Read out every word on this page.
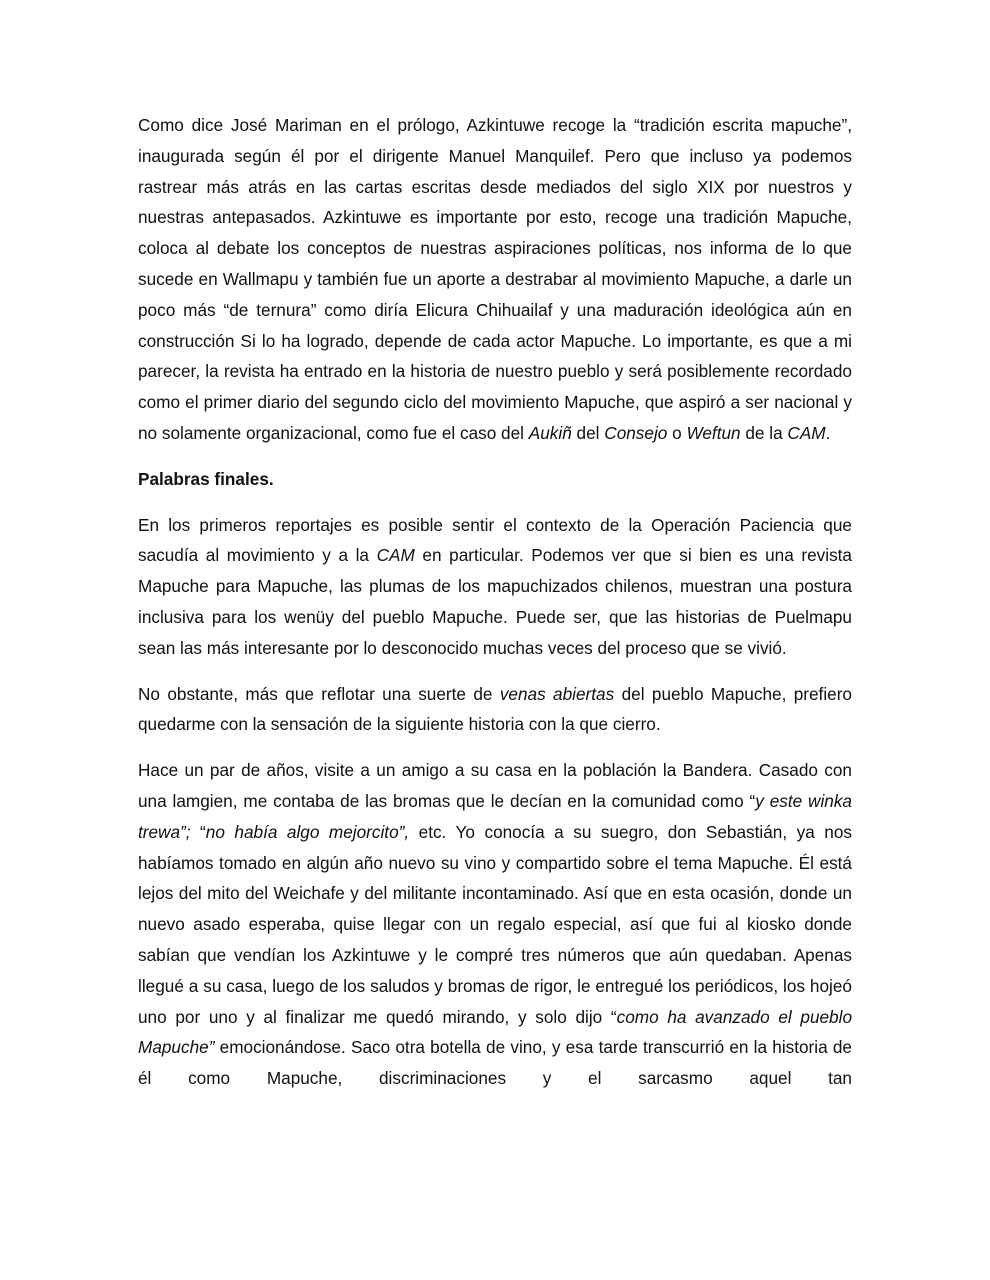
Como dice José Mariman en el prólogo, Azkintuwe recoge la “tradición escrita mapuche”, inaugurada según él por el dirigente Manuel Manquilef. Pero que incluso ya podemos rastrear más atrás en las cartas escritas desde mediados del siglo XIX por nuestros y nuestras antepasados. Azkintuwe es importante por esto, recoge una tradición Mapuche, coloca al debate los conceptos de nuestras aspiraciones políticas, nos informa de lo que sucede en Wallmapu y también fue un aporte a destrabar al movimiento Mapuche, a darle un poco más “de ternura” como diría Elicura Chihuailaf y una maduración ideológica aún en construcción Si lo ha logrado, depende de cada actor Mapuche. Lo importante, es que a mi parecer, la revista ha entrado en la historia de nuestro pueblo y será posiblemente recordado como el primer diario del segundo ciclo del movimiento Mapuche, que aspiró a ser nacional y no solamente organizacional, como fue el caso del Aukiñ del Consejo o Weftun de la CAM.

Palabras finales.

En los primeros reportajes es posible sentir el contexto de la Operación Paciencia que sacudía al movimiento y a la CAM en particular. Podemos ver que si bien es una revista Mapuche para Mapuche, las plumas de los mapuchizados chilenos, muestran una postura inclusiva para los wenüy del pueblo Mapuche. Puede ser, que las historias de Puelmapu sean las más interesante por lo desconocido muchas veces del proceso que se vivió.

No obstante, más que reflotar una suerte de venas abiertas del pueblo Mapuche, prefiero quedarme con la sensación de la siguiente historia con la que cierro.

Hace un par de años, visite a un amigo a su casa en la población la Bandera. Casado con una lamgien, me contaba de las bromas que le decían en la comunidad como “y este winka trewa”; “no había algo mejorcito”, etc. Yo conocía a su suegro, don Sebastián, ya nos habíamos tomado en algún año nuevo su vino y compartido sobre el tema Mapuche. Él está lejos del mito del Weichafe y del militante incontaminado. Así que en esta ocasión, donde un nuevo asado esperaba, quise llegar con un regalo especial, así que fui al kiosko donde sabían que vendían los Azkintuwe y le compré tres números que aún quedaban. Apenas llegué a su casa, luego de los saludos y bromas de rigor, le entregué los periódicos, los hojeó uno por uno y al finalizar me quedó mirando, y solo dijo “como ha avanzado el pueblo Mapuche” emocionándose. Saco otra botella de vino, y esa tarde transcurrió en la historia de él como Mapuche, discriminaciones y el sarcasmo aquel tan
